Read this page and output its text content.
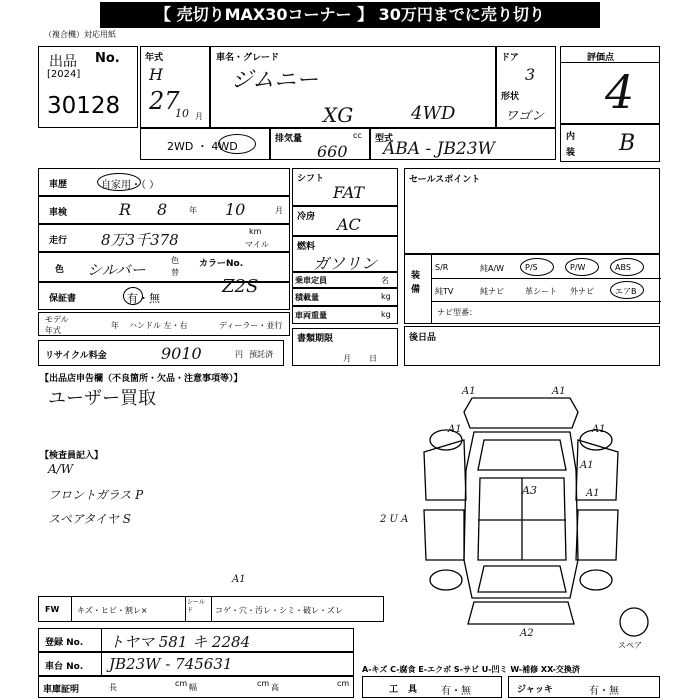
【 売切りMAX30コーナー 】 30万円までに売り切り
（複合機）対応用紙
出品 No.
[2024]
30128
年式
H
27
10 月
車名・グレード
ジムニー
XG	4WD
ドア
3
形状
ワゴン
評価点
4
内
装 B
2WD ・ 4WD
排気量	cc
660
型式
ABA - JB23W
車歴	自家用・（ ）
車検	R 8	年 10	月
走行 8万3千378	km
マイル
色 シルバー
色替
カラーNo.
保証書	有・無
Z2S
モデル
年式
年 ハンドル 左・右	ディーラー・並行
リサイクル料金	9010	円 預託済
シフト
FAT
冷房 AC
燃料
ガソリン
乗車定員	名
積載量	kg
車両重量	kg
書類期限
月日
セールスポイント
装備
S/R	純A/W	P/S	P/W	ABS
純TV	純ナビ	革シート 外ナビ	エアB
ナビ型番：
後日品
【出品店申告欄（不良箇所・欠品・注意事項等）】
ユーザー買取
【検査員記入】
A/W
フロントガラス P
スペアタイヤ S
A1	A1
A1	A1
A1
A3	A1
2 U A
A2
A1
スペア
FW キズ・ヒビ・割レ×
シールド	コゲ・穴・汚レ・シミ・破レ・ズレ
登録 No. トヤマ 581 キ 2284
車台 No. JB23W - 745631	A-キズ C-腐食 E-エクボ S-サビ U-凹ミ W-補修 XX-交換済
車庫証明	長	cm 幅	cm 高	cm
工具 有・無	ジャッキ	有・無
